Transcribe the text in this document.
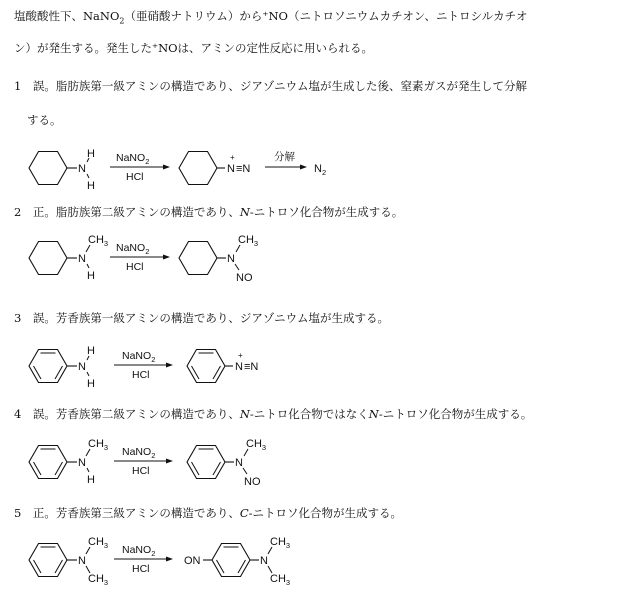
塩酸酸性下、NaNO$_2$（亜硝酸ナトリウム）から⁺NO（ニトロソニウムカチオン、ニトロシルカチオ
ン）が発生する。発生した⁺NOは、アミンの定性反応に用いられる。
1　 誤。脂肪族第一級アミンの構造であり、ジアゾニウム塩が生成した後、窒素ガスが発生して分解
する。
N
H
H
NaNO$_2$
HCl
N
+
≡N
分解
$N_2$
2　 正。脂肪族第二級アミンの構造であり、N-ニトロソ化合物が生成する。
N
$CH_3$
H
NaNO$_2$
HCl
N
$CH_3$
NO
3　 誤。芳香族第一級アミンの構造であり、ジアゾニウム塩が生成する。
N
H
H
NaNO$_2$
HCl
N
+
≡N
4　 誤。芳香族第二級アミンの構造であり、N-ニトロ化合物ではなくN-ニトロソ化合物が生成する。
N
$CH_3$
H
NaNO$_2$
HCl
N
$CH_3$
NO
5　 正。芳香族第三級アミンの構造であり、C-ニトロソ化合物が生成する。
N
$CH_3$
$CH_3$
NaNO$_2$
HCl
ON	N
$CH_3$
$CH_3$
